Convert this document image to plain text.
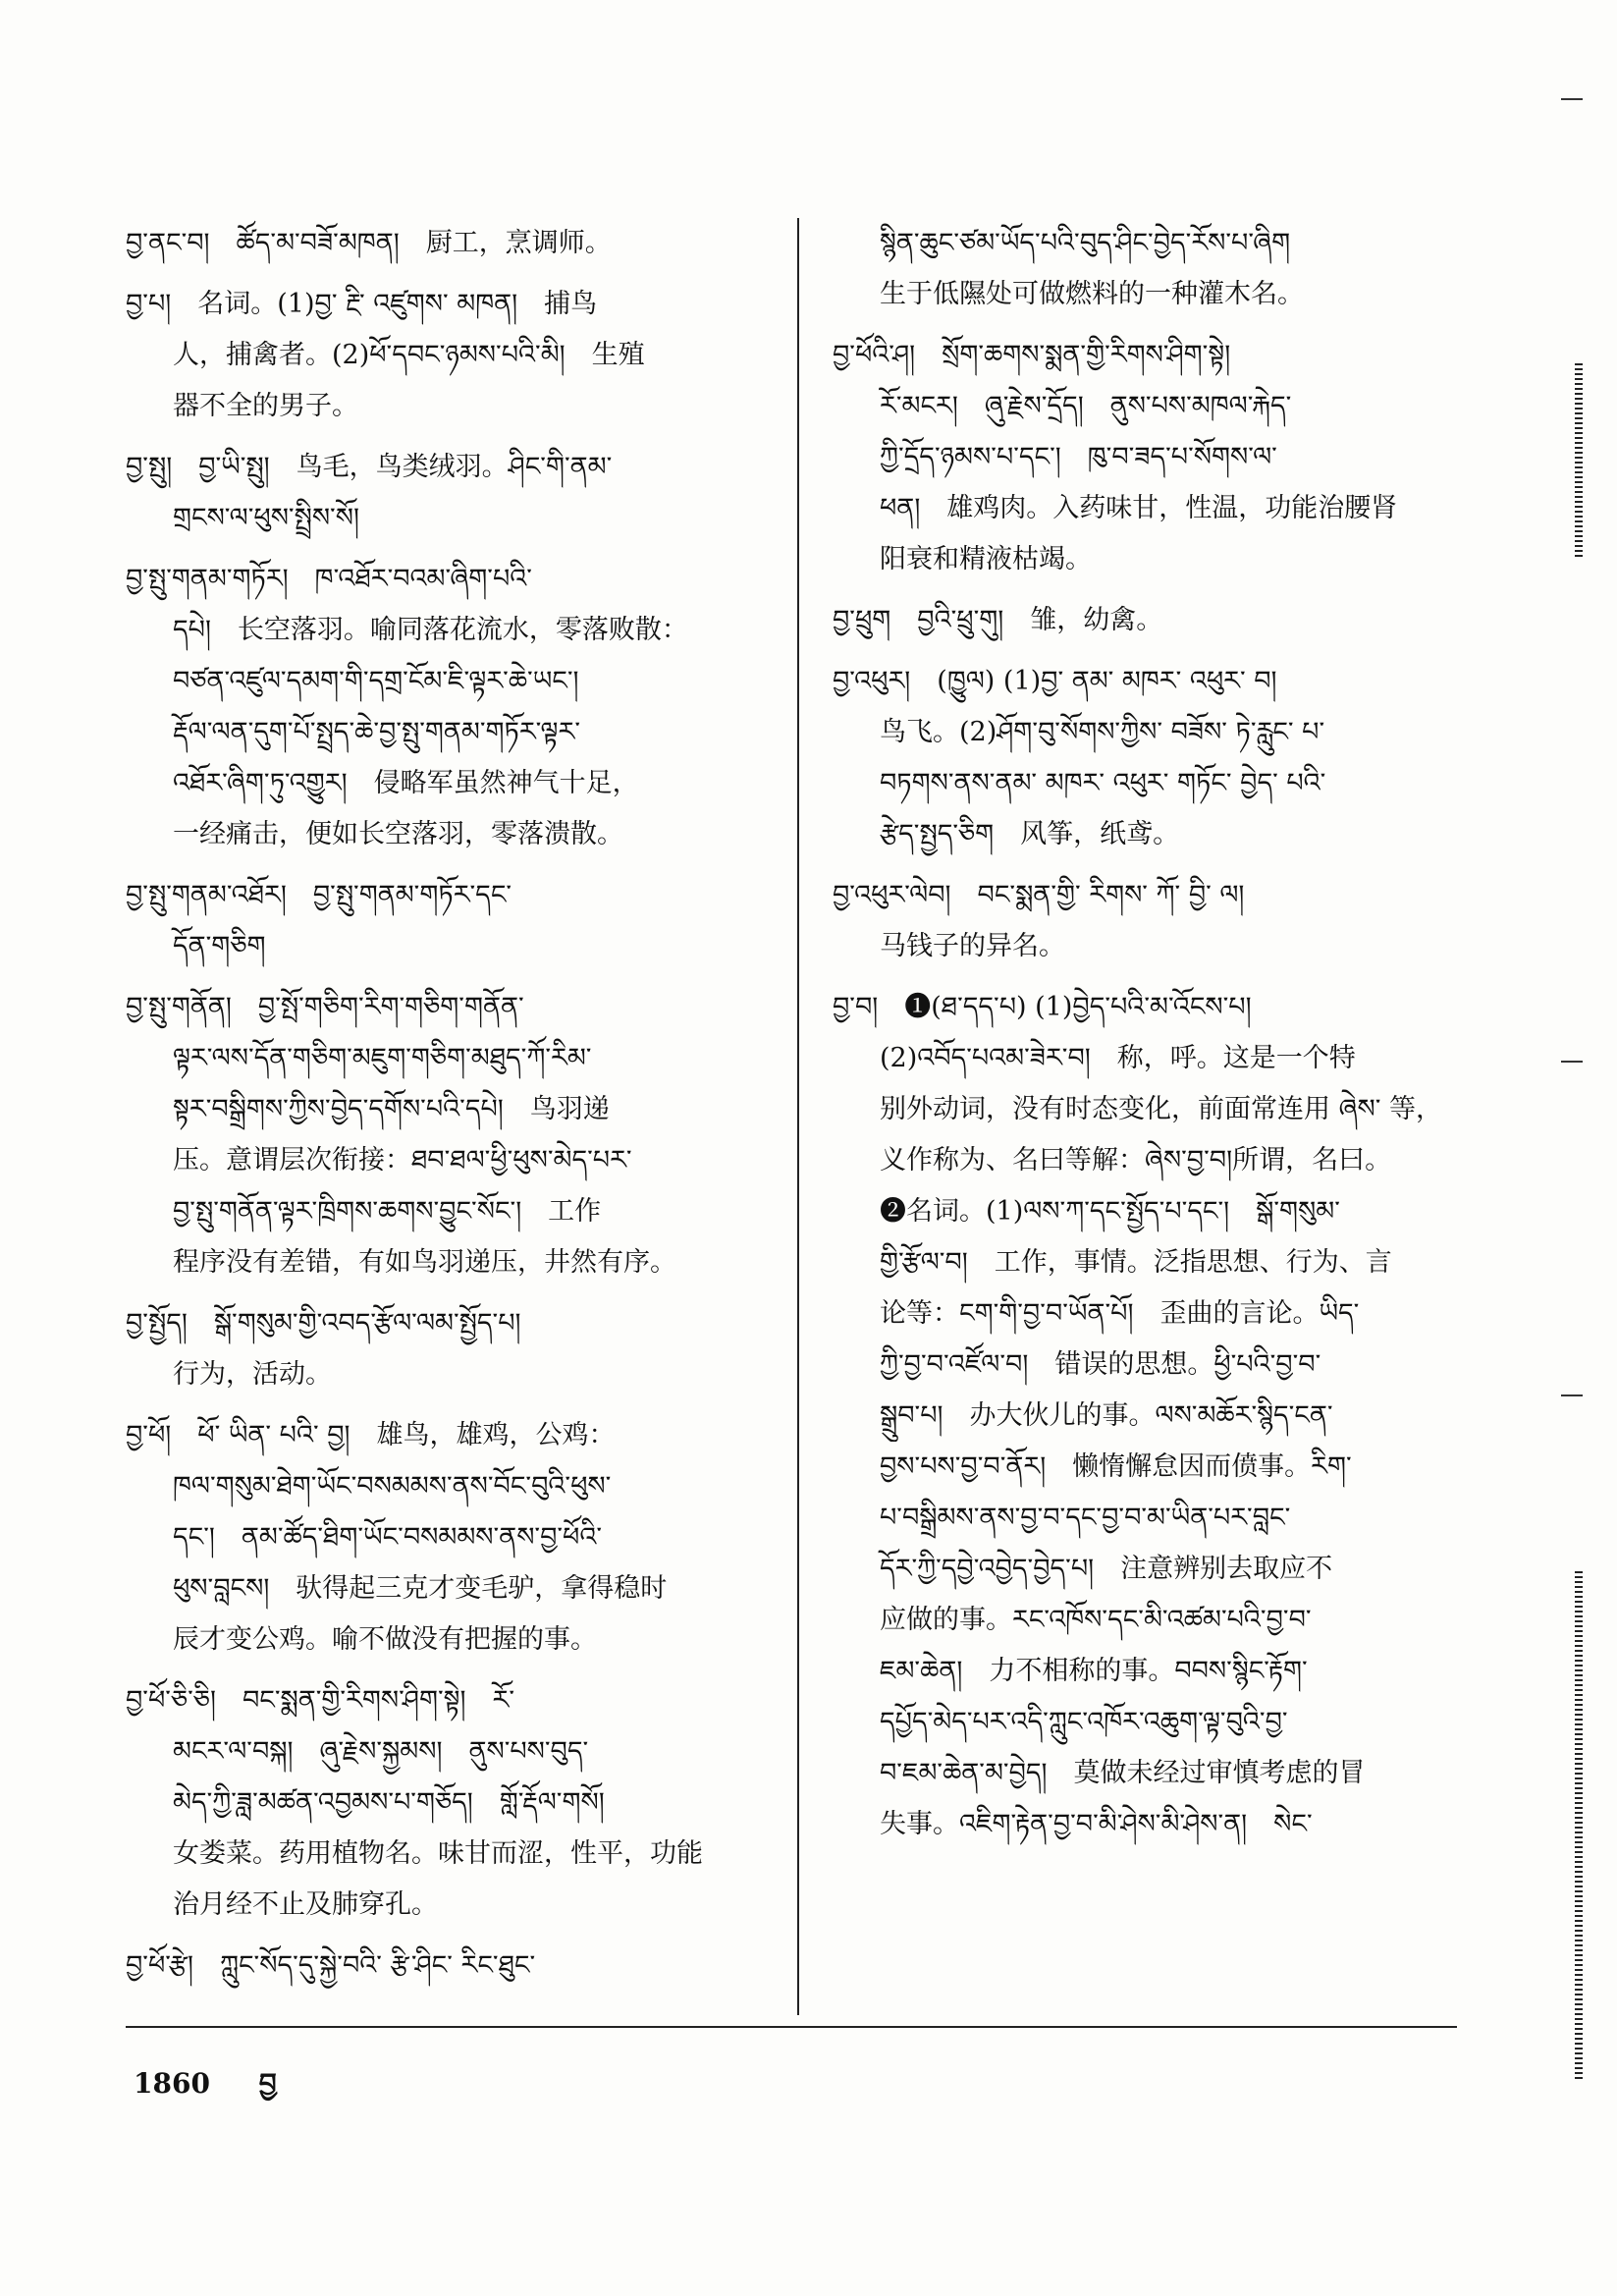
བྱ་ནང་བ།　ཚོད་མ་བཟོ་མཁན།　厨工，烹调师。
བྱ་པ།　名词。(1)བྱ་ རྔི་ འཛུགས་ མཁན།　捕鸟
人，捕禽者。(2)ཕོ་དབང་ཉམས་པའི་མི།　生殖
器不全的男子。
བྱ་སྤུ།　བྱ་ཡི་སྤུ།　鸟毛，鸟类绒羽。ཤིང་གི་ནམ་
གྲངས་ལ་ཕུས་སྤྲིས་སོ།
བྱ་སྤུ་གནམ་གཏོར།　ཁ་འཐོར་བའམ་ཞིག་པའི་
དཔེ།　长空落羽。喻同落花流水，零落败散：
བཙན་འཛུལ་དམག་གི་དགྲ་ངོམ་ཇི་ལྟར་ཆེ་ཡང་།
རྡོལ་ལན་དུག་པོ་སྤྲད་ཆེ་བྱ་སྤུ་གནམ་གཏོར་ལྟར་
འཐོར་ཞིག་ཏུ་འགྱུར།　侵略军虽然神气十足，
一经痛击，便如长空落羽，零落溃散。
བྱ་སྤུ་གནམ་འཐོར།　བྱ་སྤུ་གནམ་གཏོར་དང་
དོན་གཅིག
བྱ་སྤུ་གནོན།　བྱ་སྤོ་གཅིག་རིག་གཅིག་གནོན་
ལྟར་ལས་དོན་གཅིག་མཇུག་གཅིག་མཐུད་ཀོ་རིམ་
སྟར་བསྒྲིགས་ཀྱིས་བྱེད་དགོས་པའི་དཔེ།　鸟羽递
压。意谓层次衔接：ཐབ་ཐལ་ཕྱི་ཕུས་མེད་པར་
བྱ་སྤུ་གནོན་ལྟར་ཁྲིགས་ཆགས་བྱུང་སོང་།　工作
程序没有差错，有如鸟羽递压，井然有序。
བྱ་སྤྱོད།　སྒོ་གསུམ་གྱི་འབད་རྩོལ་ལམ་སྤྱོད་པ།
行为，活动。
བྱ་ཕོ།　ཕོ་ ཡིན་ པའི་ བྱ།　雄鸟，雄鸡，公鸡：
ཁལ་གསུམ་ཐེག་ཡོང་བསམམས་ནས་བོང་བུའི་ཕུས་
དང་།　ནམ་ཚོད་ཐིག་ཡོང་བསམམས་ནས་བྱ་ཕོའི་
ཕུས་བླངས།　驮得起三克才变毛驴，拿得稳时
辰才变公鸡。喻不做没有把握的事。
བྱ་ཕོ་ཅི་ཅི།　བང་སྨན་གྱི་རིགས་ཤིག་སྟེ།　རོ་
མངར་ལ་བསྐ།　ཞུ་རྗེས་སྐྱམས།　ནུས་པས་བུད་
མེད་ཀྱི་ཟླ་མཚན་འབྱམས་པ་གཅོད།　གློ་རྡོལ་གསོ།
女娄菜。药用植物名。味甘而涩，性平，功能
治月经不止及肺穿孔。
བྱ་ཕོ་རྩེ།　ཀླུང་སོད་དུ་སྐྱེ་བའི་ རྩི་ཤིང་ རིང་ཐུང་
སྙིན་ཆུང་ཙམ་ཡོད་པའི་བུད་ཤིང་བྱེད་རོས་པ་ཞིག
生于低隰处可做燃料的一种灌木名。
བྱ་ཕོའི་ཤ།　སྲོག་ཆགས་སྨན་གྱི་རིགས་ཤིག་སྟེ།
རོ་མངར།　ཞུ་རྗེས་དྲོད།　ནུས་པས་མཁལ་རྐེད་
ཀྱི་དྲོད་ཉམས་པ་དང་།　ཁུ་བ་ཟད་པ་སོགས་ལ་
ཕན།　雄鸡肉。入药味甘，性温，功能治腰肾
阳衰和精液枯竭。
བྱ་ཕྲུག　བྱའི་ཕྲུ་གུ།　雏，幼禽。
བྱ་འཕུར།　(ཁྱུལ) (1)བྱ་ ནམ་ མཁར་ འཕུར་ བ།
鸟飞。(2)ཤོག་བུ་སོགས་ཀྱིས་ བཟོས་ ཏེ་རླུང་ པ་
བཏགས་ནས་ནམ་ མཁར་ འཕུར་ གཏོང་ བྱེད་ པའི་
རྩེད་སྤྱད་ཅིག　风筝，纸鸢。
བྱ་འཕུར་ལེབ།　བང་སྨན་གྱི་ རིགས་ ཀོ་ བྱི་ ལ།
马钱子的异名。
བྱ་བ།　❶(ཐ་དད་པ) (1)བྱེད་པའི་མ་འོངས་པ།
(2)འབོད་པའམ་ཟེར་བ།　称，呼。这是一个特
别外动词，没有时态变化，前面常连用 ཞེས་ 等，
义作称为、名曰等解：ཞེས་བྱ་བ།所谓，名曰。
❷名词。(1)ལས་ཀ་དང་སྤྱོད་པ་དང་།　སྒོ་གསུམ་
གྱི་རྩོལ་བ།　工作，事情。泛指思想、行为、言
论等：ངག་གི་བྱ་བ་ཡོན་པོ།　歪曲的言论。ཡིད་
ཀྱི་བྱ་བ་འཛོལ་བ།　错误的思想。ཕྱི་པའི་བྱ་བ་
སྒྲུབ་པ།　办大伙儿的事。ལས་མཆོར་སྙིད་ངན་
བྱས་པས་བྱ་བ་ནོར།　懒惰懈怠因而偾事。རིག་
པ་བསྒྲིམས་ནས་བྱ་བ་དང་བྱ་བ་མ་ཡིན་པར་བླང་
དོར་ཀྱི་དབྱེ་འབྱེད་བྱེད་པ།　注意辨别去取应不
应做的事。རང་འཁོས་དང་མི་འཚམ་པའི་བྱ་བ་
ཇམ་ཆེན།　力不相称的事。བབས་སྙིང་རྟོག་
དཔྱོད་མེད་པར་འདི་ཀླུང་འཁོར་འཆུག་ལྟ་བུའི་བྱ་
བ་ཇམ་ཆེན་མ་བྱེད།　莫做未经过审慎考虑的冒
失事。འཇིག་རྟེན་བྱ་བ་མི་ཤེས་མི་ཤེས་ན།　སེང་
1860 བྱ
